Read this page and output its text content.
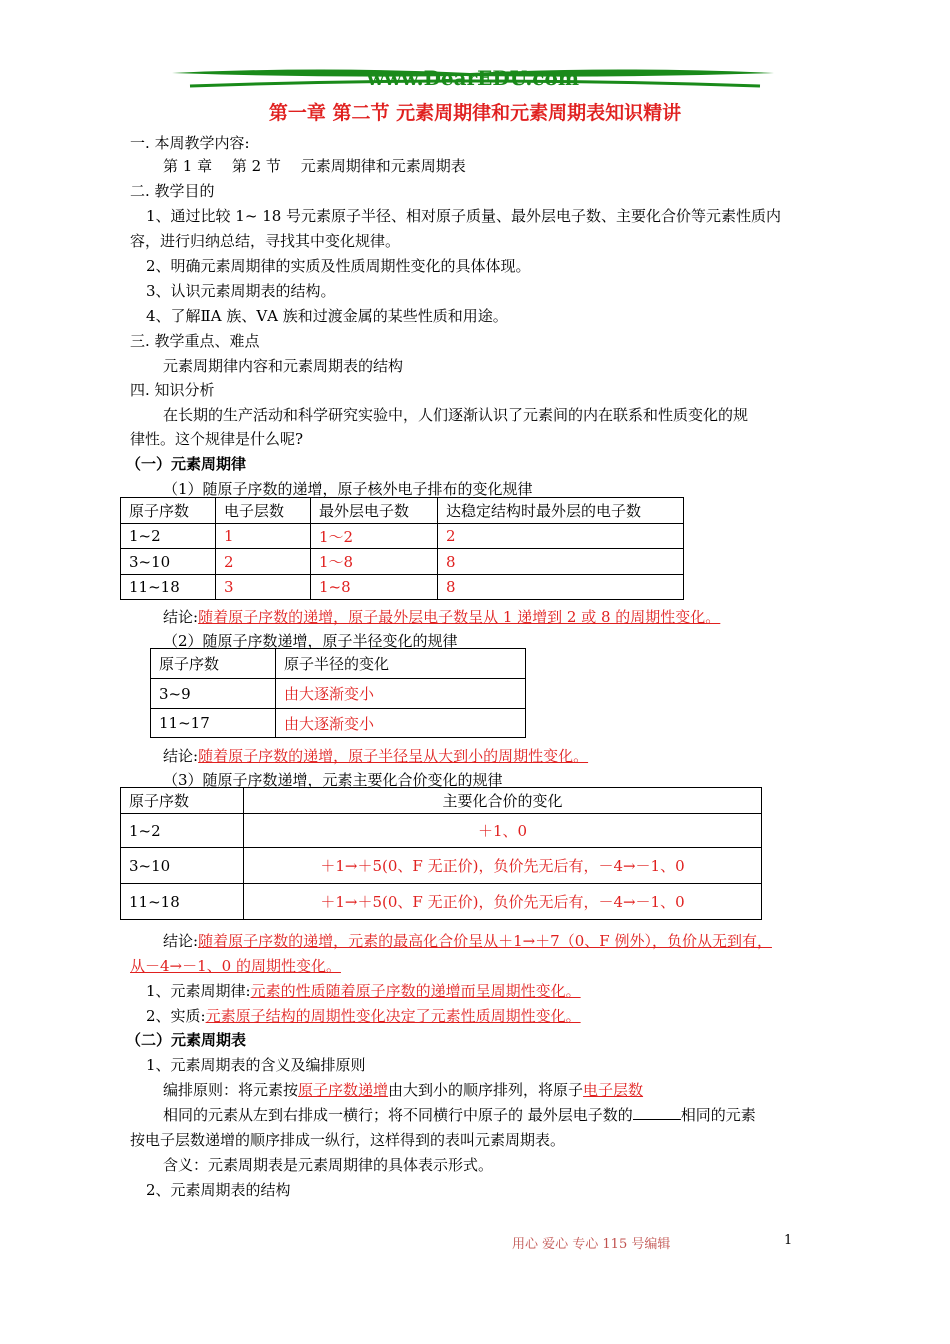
www.DearEDU.com
第一章 第二节 元素周期律和元素周期表知识精讲
一. 本周教学内容:
第 1 章　 第 2 节　 元素周期律和元素周期表
二. 教学目的
1、通过比较 1~ 18 号元素原子半径、相对原子质量、最外层电子数、主要化合价等元素性质内
容，进行归纳总结，寻找其中变化规律。
2、明确元素周期律的实质及性质周期性变化的具体体现。
3、认识元素周期表的结构。
4、了解ⅡA 族、ⅤA 族和过渡金属的某些性质和用途。
三. 教学重点、难点
元素周期律内容和元素周期表的结构
四. 知识分析
在长期的生产活动和科学研究实验中，人们逐渐认识了元素间的内在联系和性质变化的规
律性。这个规律是什么呢?
（一）元素周期律
（1）随原子序数的递增，原子核外电子排布的变化规律
原子序数	电子层数	最外层电子数	达稳定结构时最外层的电子数
1~2	1	1～2	2
3~10	2	1～8	8
11~18	3	1~8	8
结论:随着原子序数的递增，原子最外层电子数呈从 1 递增到 2 或 8 的周期性变化。
（2）随原子序数递增，原子半径变化的规律
原子序数	原子半径的变化
3~9	由大逐渐变小
11~17	由大逐渐变小
结论:随着原子序数的递增，原子半径呈从大到小的周期性变化。
（3）随原子序数递增，元素主要化合价变化的规律
原子序数	主要化合价的变化
1~2	＋1、0
3~10	＋1→＋5(0、F 无正价)，负价先无后有，－4→－1、0
11~18	＋1→＋5(0、F 无正价)，负价先无后有，－4→－1、0
结论:随着原子序数的递增，元素的最高化合价呈从＋1→＋7（0、F 例外），负价从无到有，
从－4→－1、0 的周期性变化。
1、元素周期律:元素的性质随着原子序数的递增而呈周期性变化。
2、实质:元素原子结构的周期性变化决定了元素性质周期性变化。
（二）元素周期表
1、元素周期表的含义及编排原则
编排原则：将元素按原子序数递增由大到小的顺序排列，将原子电子层数
相同的元素从左到右排成一横行；将不同横行中原子的 最外层电子数的	相同的元素
按电子层数递增的顺序排成一纵行，这样得到的表叫元素周期表。
含义：元素周期表是元素周期律的具体表示形式。
2、元素周期表的结构
用心 爱心 专心 115 号编辑	1
